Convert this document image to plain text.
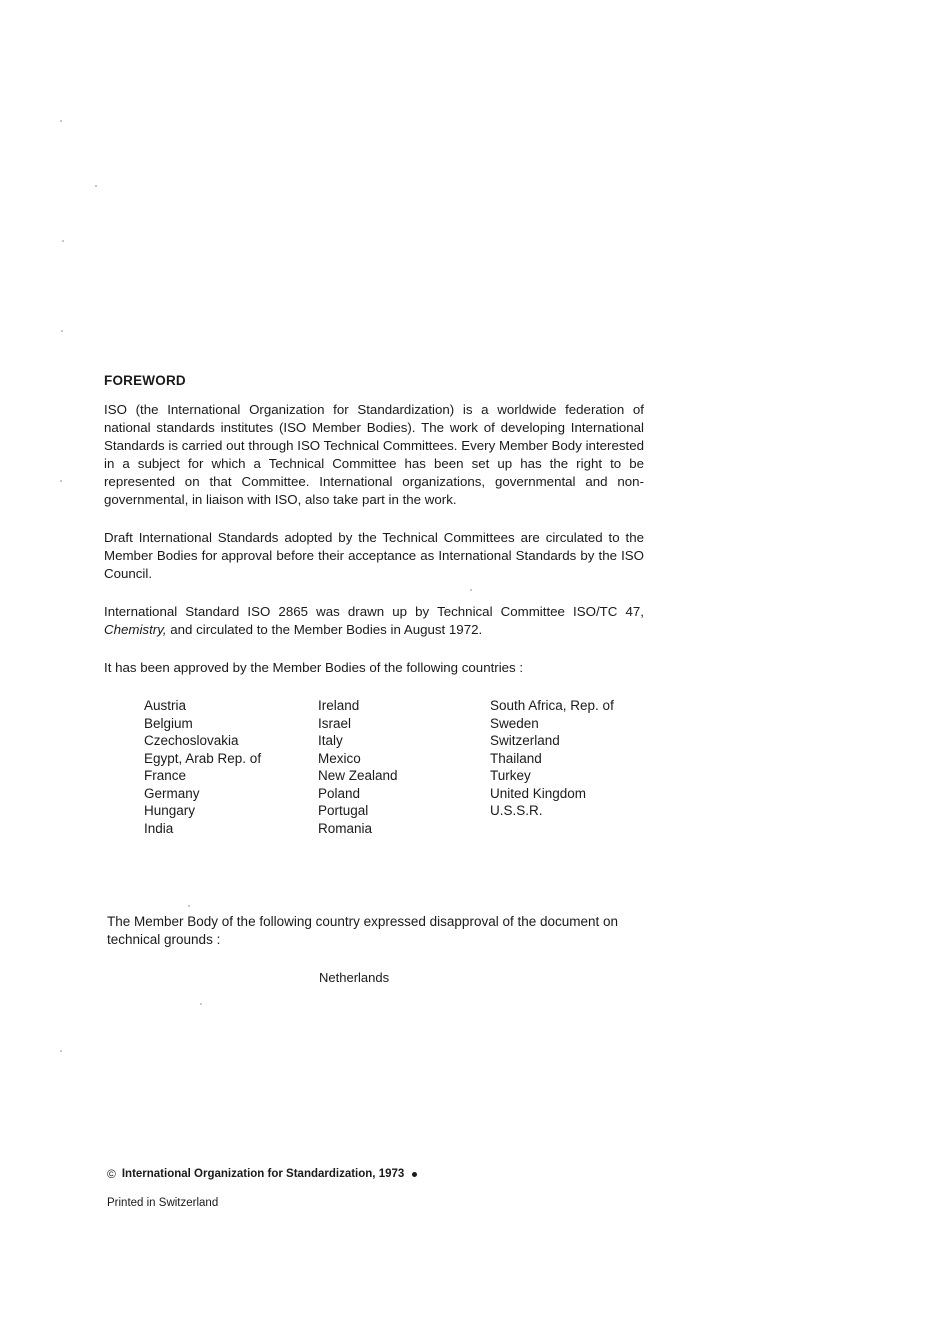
FOREWORD

ISO (the International Organization for Standardization) is a worldwide federation of national standards institutes (ISO Member Bodies). The work of developing International Standards is carried out through ISO Technical Committees. Every Member Body interested in a subject for which a Technical Committee has been set up has the right to be represented on that Committee. International organizations, governmental and non-governmental, in liaison with ISO, also take part in the work.

Draft International Standards adopted by the Technical Committees are circulated to the Member Bodies for approval before their acceptance as International Standards by the ISO Council.

International Standard ISO 2865 was drawn up by Technical Committee ISO/TC 47, Chemistry, and circulated to the Member Bodies in August 1972.

It has been approved by the Member Bodies of the following countries :

Austria
Belgium
Czechoslovakia
Egypt, Arab Rep. of
France
Germany
Hungary
India
Ireland
Israel
Italy
Mexico
New Zealand
Poland
Portugal
Romania
South Africa, Rep. of
Sweden
Switzerland
Thailand
Turkey
United Kingdom
U.S.S.R.

The Member Body of the following country expressed disapproval of the document on technical grounds :

Netherlands

© International Organization for Standardization, 1973

Printed in Switzerland
